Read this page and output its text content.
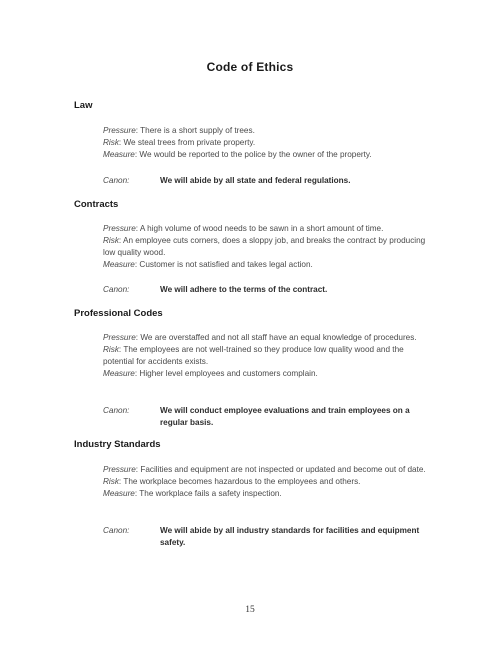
Code of Ethics
Law

Pressure: There is a short supply of trees.

Risk: We steal trees from private property.

Measure: We would be reported to the police by the owner of the property.

Canon:	We will abide by all state and federal regulations.
Contracts

Pressure: A high volume of wood needs to be sawn in a short amount of time.

Risk: An employee cuts corners, does a sloppy job, and breaks the contract by producing low quality wood.

Measure: Customer is not satisfied and takes legal action.

Canon:	We will adhere to the terms of the contract.
Professional Codes

Pressure: We are overstaffed and not all staff have an equal knowledge of procedures.

Risk: The employees are not well-trained so they produce low quality wood and the potential for accidents exists.

Measure: Higher level employees and customers complain.

Canon:	We will conduct employee evaluations and train employees on a regular basis.
Industry Standards

Pressure: Facilities and equipment are not inspected or updated and become out of date.

Risk: The workplace becomes hazardous to the employees and others.

Measure: The workplace fails a safety inspection.

Canon:	We will abide by all industry standards for facilities and equipment safety.
15
